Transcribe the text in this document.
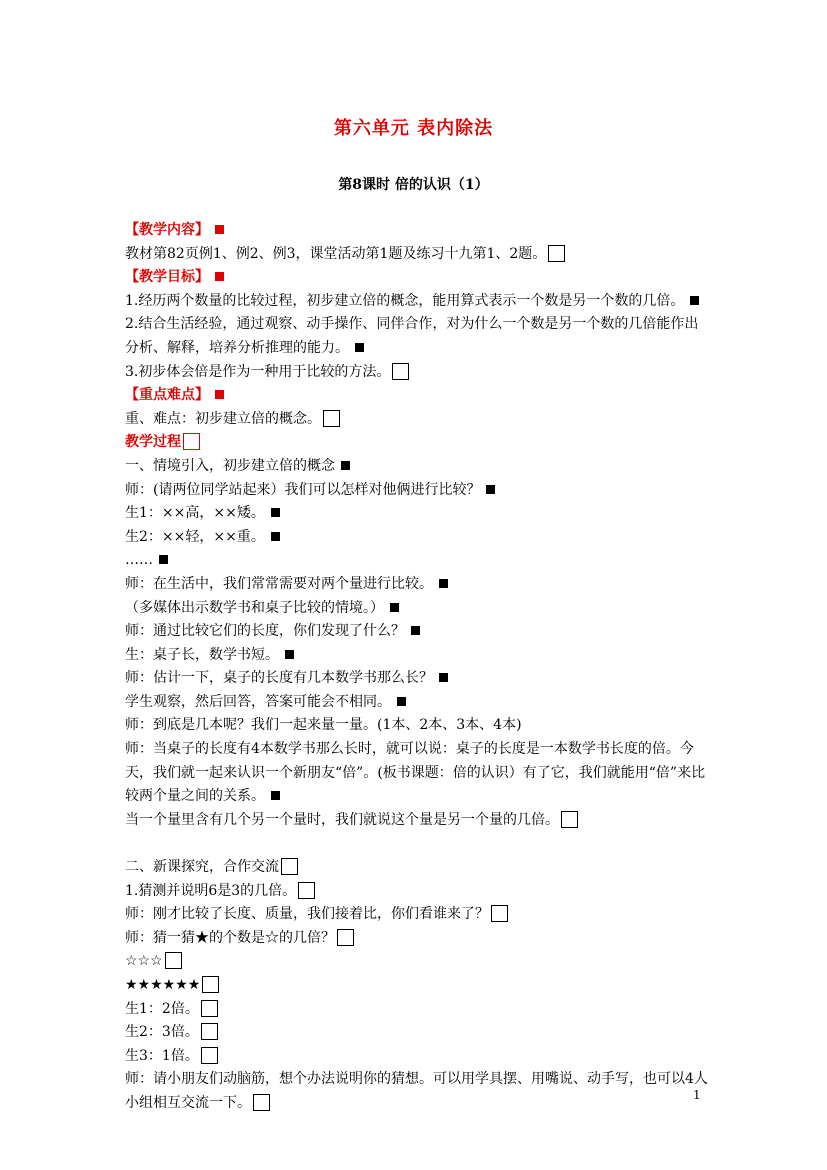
第六单元 表内除法
第8课时 倍的认识（1）
【教学内容】
教材第82页例1、例2、例3，课堂活动第1题及练习十九第1、2题。
【教学目标】
1.经历两个数量的比较过程，初步建立倍的概念，能用算式表示一个数是另一个数的几倍。
2.结合生活经验，通过观察、动手操作、同伴合作，对为什么一个数是另一个数的几倍能作出分析、解释，培养分析推理的能力。
3.初步体会倍是作为一种用于比较的方法。
【重点难点】
重、难点：初步建立倍的概念。
教学过程
一、情境引入，初步建立倍的概念
师：(请两位同学站起来）我们可以怎样对他俩进行比较？
生1：××高，××矮。
生2：××轻，××重。
……
师：在生活中，我们常常需要对两个量进行比较。
（多媒体出示数学书和桌子比较的情境。）
师：通过比较它们的长度，你们发现了什么？
生：桌子长，数学书短。
师：估计一下，桌子的长度有几本数学书那么长？
学生观察，然后回答，答案可能会不相同。
师：到底是几本呢？我们一起来量一量。(1本、2本、3本、4本)
师：当桌子的长度有4本数学书那么长时，就可以说：桌子的长度是一本数学书长度的倍。今天，我们就一起来认识一个新朋友“倍”。(板书课题：倍的认识）有了它，我们就能用“倍”来比较两个量之间的关系。
当一个量里含有几个另一个量时，我们就说这个量是另一个量的几倍。
二、新课探究，合作交流
1.猜测并说明6是3的几倍。
师：刚才比较了长度、质量，我们接着比，你们看谁来了？
师：猜一猜★的个数是☆的几倍？
☆☆☆
★★★★★★
生1：2倍。
生2：3倍。
生3：1倍。
师：请小朋友们动脑筋，想个办法说明你的猜想。可以用学具摆、用嘴说、动手写，也可以4人小组相互交流一下。	1
